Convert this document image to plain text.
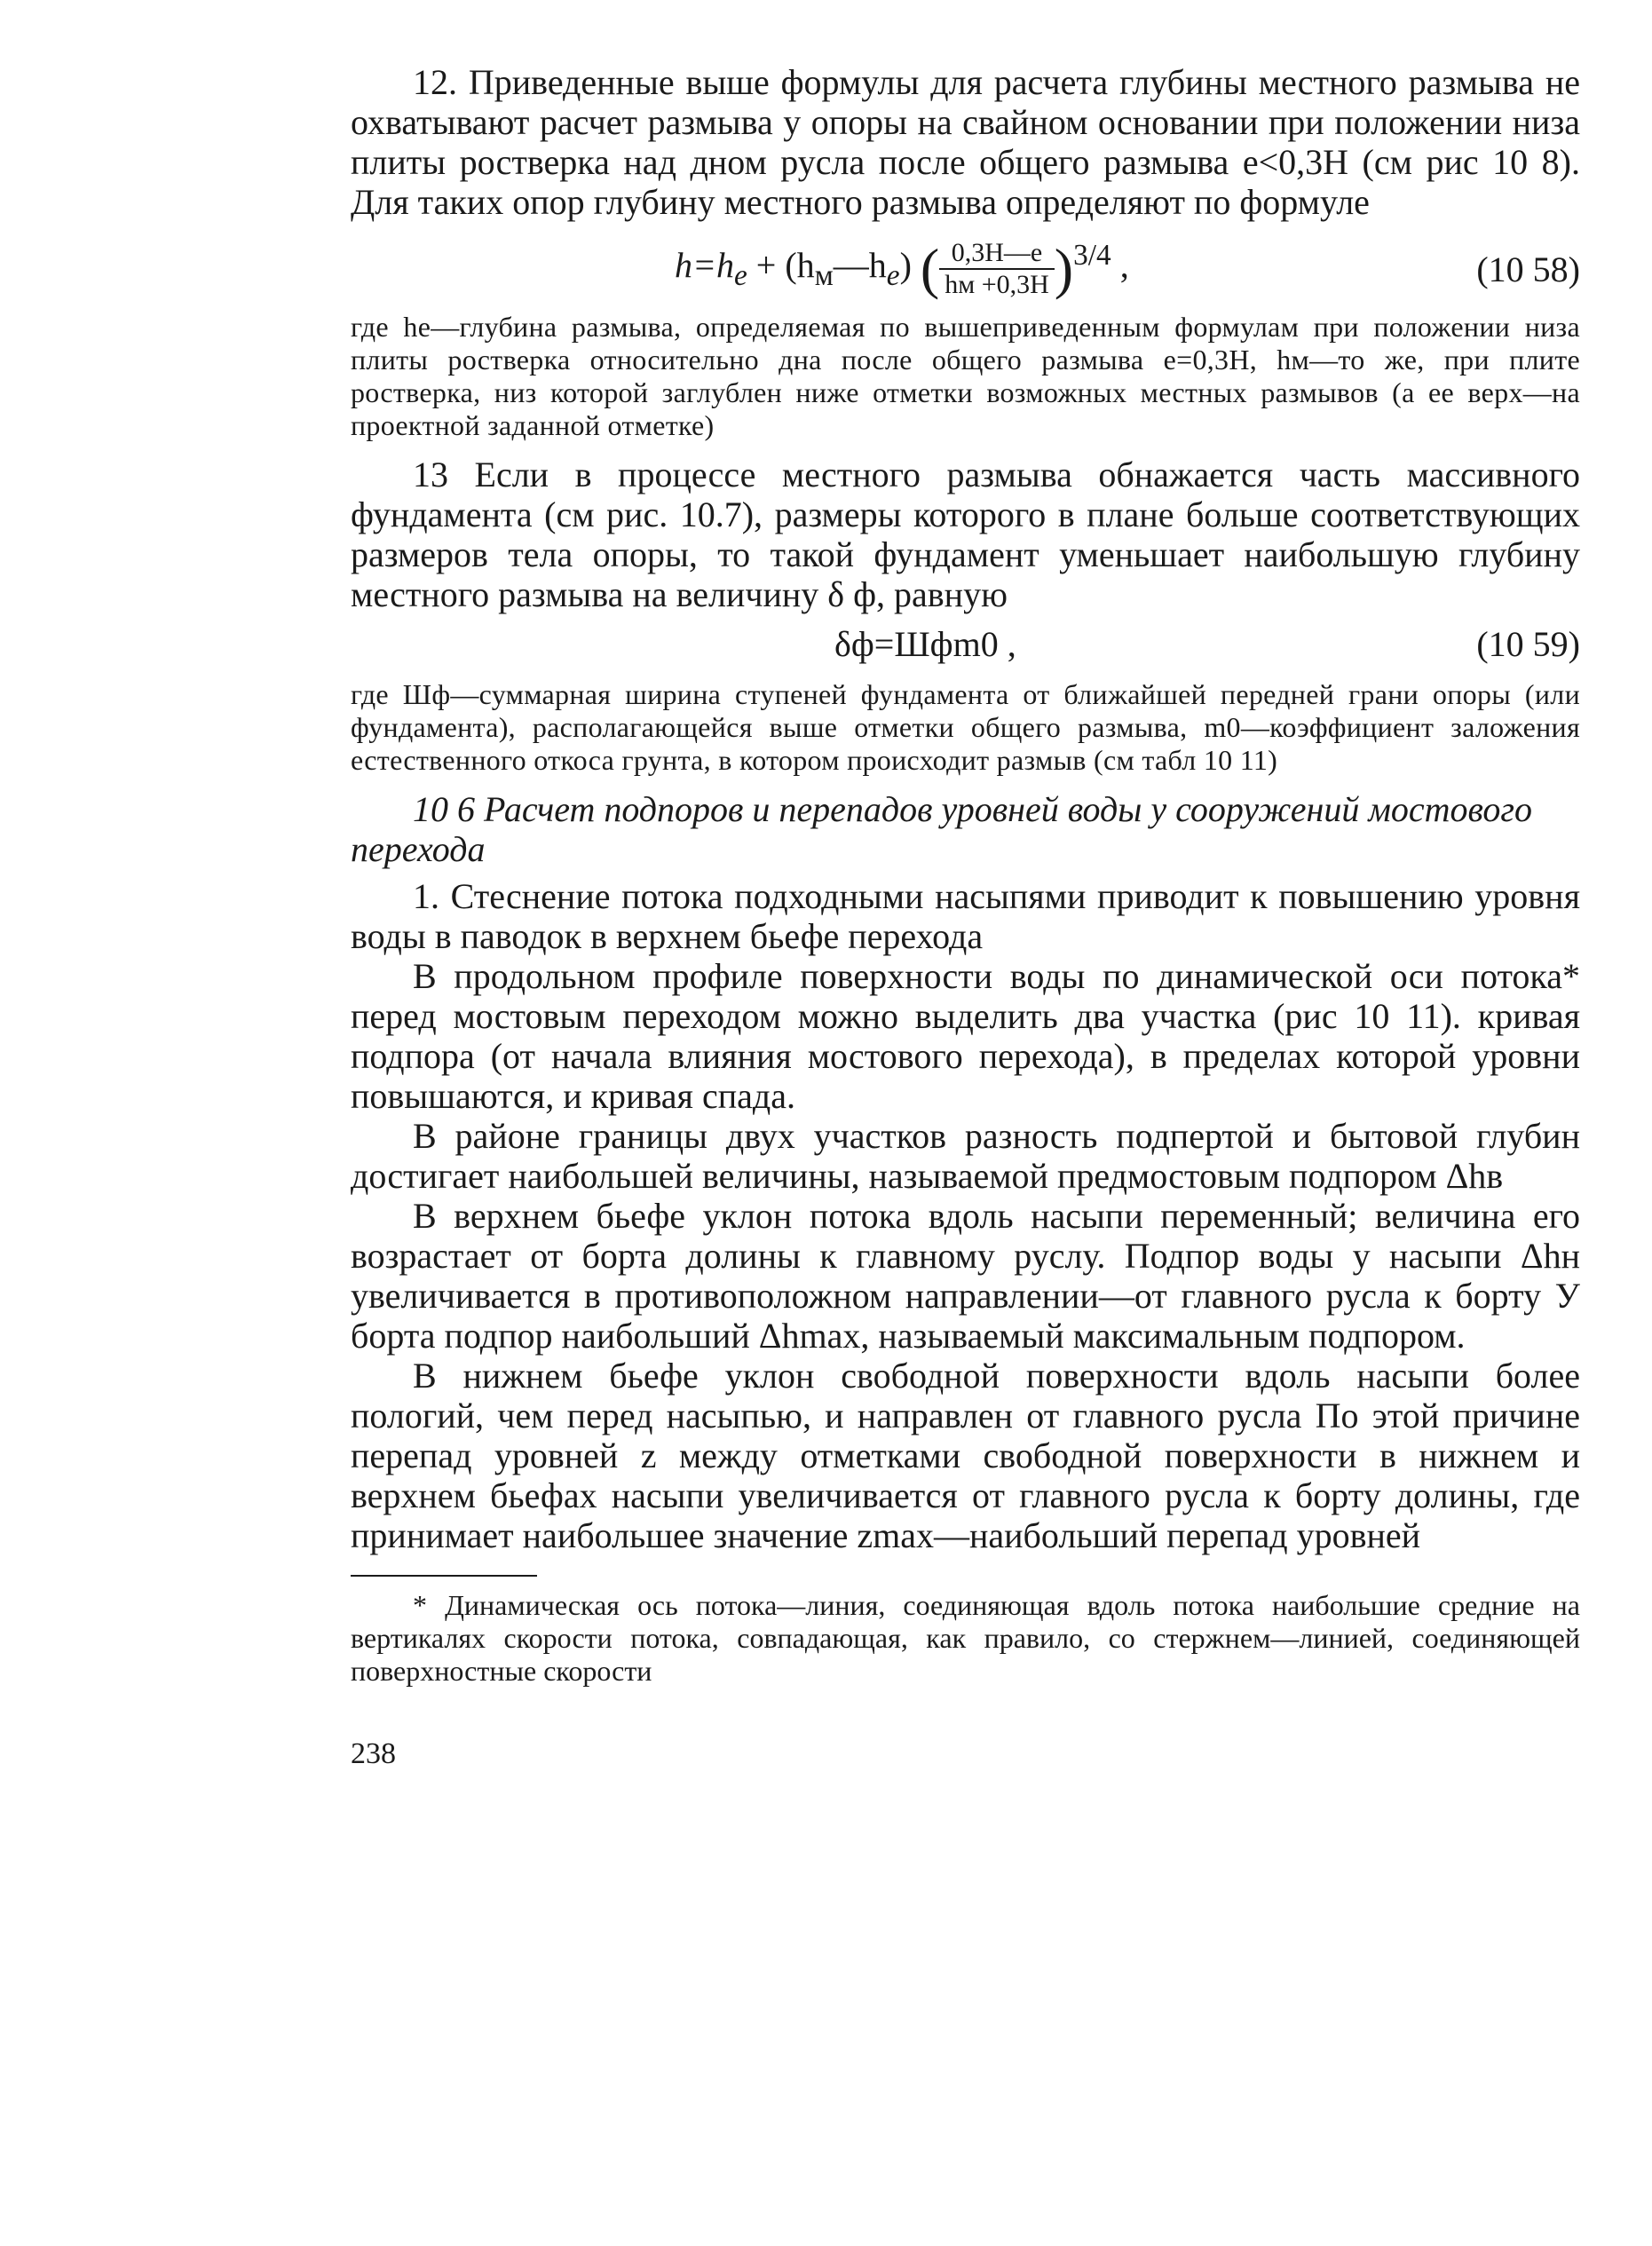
12. Приведенные выше формулы для расчета глубины местного размыва не охватывают расчет размыва у опоры на свайном основании при положении низа плиты ростверка над дном русла после общего размыва e<0,3H (см рис 10 8). Для таких опор глубину местного размыва определяют по формуле

$h=h_e$ + $(h_м—h_e)$ ( $\frac{0,3H—e}{hм +0,3H} )^{3/4}$ ,	(10 58)

где he—глубина размыва, определяемая по вышеприведенным формулам при положении низа плиты ростверка относительно дна после общего размыва e=0,3H, hм—то же, при плите ростверка, низ которой заглублен ниже отметки возможных местных размывов (а ее верх—на проектной заданной отметке)

13 Если в процессе местного размыва обнажается часть массивного фундамента (см рис. 10.7), размеры которого в плане больше соответствующих размеров тела опоры, то такой фундамент уменьшает наибольшую глубину местного размыва на величину δ ф, равную

δф=Шфm0 ,	(10 59)

где Шф—суммарная ширина ступеней фундамента от ближайшей передней грани опоры (или фундамента), располагающейся выше отметки общего размыва, m0—коэффициент заложения естественного откоса грунта, в котором происходит размыв (см табл 10 11)

10 6 Расчет подпоров и перепадов уровней воды у сооружений мостового перехода

1. Стеснение потока подходными насыпями приводит к повышению уровня воды в паводок в верхнем бьефе перехода

В продольном профиле поверхности воды по динамической оси потока* перед мостовым переходом можно выделить два участка (рис 10 11). кривая подпора (от начала влияния мостового перехода), в пределах которой уровни повышаются, и кривая спада.

В районе границы двух участков разность подпертой и бытовой глубин достигает наибольшей величины, называемой предмостовым подпором Δhв

В верхнем бьефе уклон потока вдоль насыпи переменный; величина его возрастает от борта долины к главному руслу. Подпор воды у насыпи Δhн увеличивается в противоположном направлении—от главного русла к борту У борта подпор наибольший Δhmax, называемый максимальным подпором.

В нижнем бьефе уклон свободной поверхности вдоль насыпи более пологий, чем перед насыпью, и направлен от главного русла По этой причине перепад уровней z между отметками свободной поверхности в нижнем и верхнем бьефах насыпи увеличивается от главного русла к борту долины, где принимает наибольшее значение zmax—наибольший перепад уровней

* Динамическая ось потока—линия, соединяющая вдоль потока наибольшие средние на вертикалях скорости потока, совпадающая, как правило, со стержнем—линией, соединяющей поверхностные скорости

238
